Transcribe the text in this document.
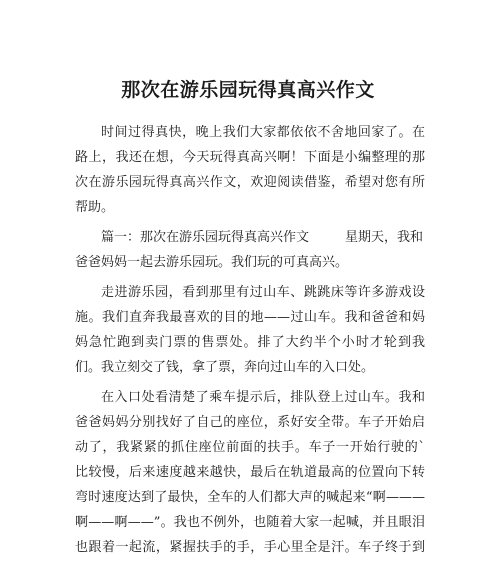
那次在游乐园玩得真高兴作文
时间过得真快，晚上我们大家都依依不舍地回家了。在
路上，我还在想，今天玩得真高兴啊！下面是小编整理的那
次在游乐园玩得真高兴作文，欢迎阅读借鉴，希望对您有所
帮助。
篇一：那次在游乐园玩得真高兴作文	星期天，我和
爸爸妈妈一起去游乐园玩。我们玩的可真高兴。
走进游乐园，看到那里有过山车、跳跳床等许多游戏设
施。我们直奔我最喜欢的目的地——过山车。我和爸爸和妈
妈急忙跑到卖门票的售票处。排了大约半个小时才轮到我
们。我立刻交了钱，拿了票，奔向过山车的入口处。
在入口处看清楚了乘车提示后，排队登上过山车。我和
爸爸妈妈分别找好了自己的座位，系好安全带。车子开始启
动了，我紧紧的抓住座位前面的扶手。车子一开始行驶的`
比较慢，后来速度越来越快，最后在轨道最高的位置向下转
弯时速度达到了最快，全车的人们都大声的喊起来“啊———
啊——啊——”。我也不例外，也随着大家一起喊，并且眼泪
也跟着一起流，紧握扶手的手，手心里全是汗。车子终于到
